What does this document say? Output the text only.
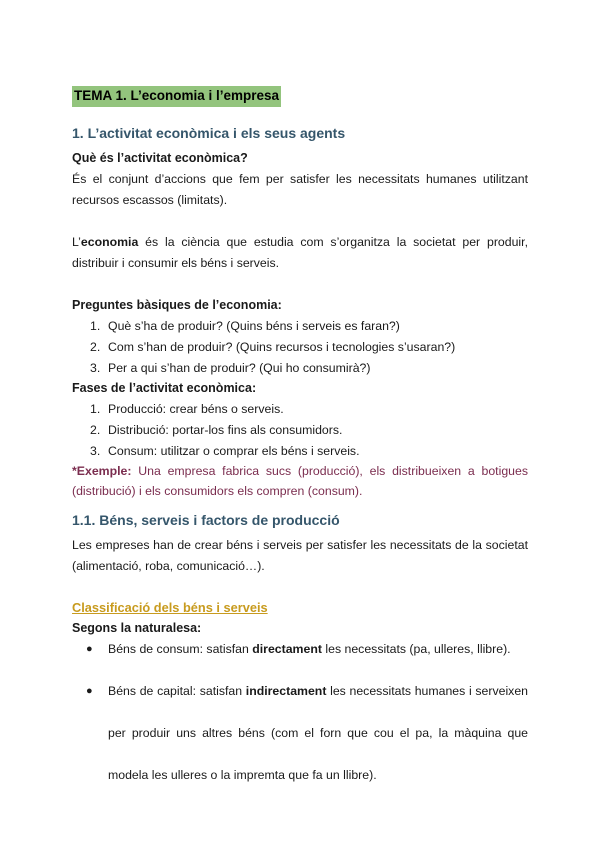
TEMA 1. L’economia i l’empresa
1. L’activitat econòmica i els seus agents
Què és l’activitat econòmica?
És el conjunt d’accions que fem per satisfer les necessitats humanes utilitzant
recursos escassos (limitats).
L’economia és la ciència que estudia com s’organitza la societat per produir,
distribuir i consumir els béns i serveis.
Preguntes bàsiques de l’economia:
1. Què s’ha de produir? (Quins béns i serveis es faran?)
2. Com s’han de produir? (Quins recursos i tecnologies s’usaran?)
3. Per a qui s’han de produir? (Qui ho consumirà?)
Fases de l’activitat econòmica:
1. Producció: crear béns o serveis.
2. Distribució: portar-los fins als consumidors.
3. Consum: utilitzar o comprar els béns i serveis.
*Exemple: Una empresa fabrica sucs (producció), els distribueixen a botigues
(distribució) i els consumidors els compren (consum).
1.1. Béns, serveis i factors de producció
Les empreses han de crear béns i serveis per satisfer les necessitats de la societat
(alimentació, roba, comunicació…).
Classificació dels béns i serveis
Segons la naturalesa:
● Béns de consum: satisfan directament les necessitats (pa, ulleres, llibre).
● Béns de capital: satisfan indirectament les necessitats humanes i serveixen
per produir uns altres béns (com el forn que cou el pa, la màquina que
modela les ulleres o la impremta que fa un llibre).
